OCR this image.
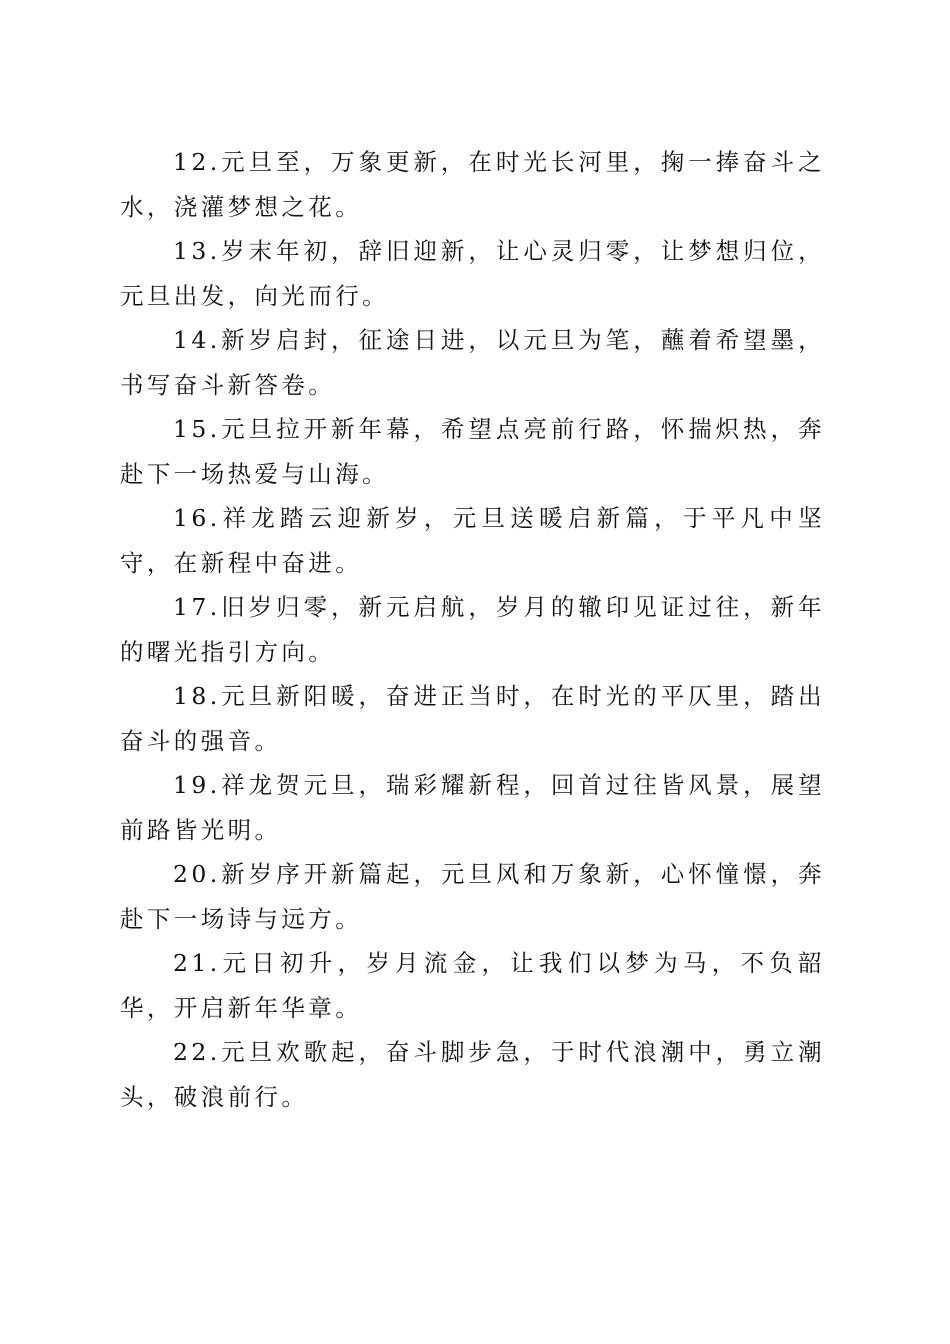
12.元旦至，万象更新，在时光长河里，掬一捧奋斗之水，浇灌梦想之花。

13.岁末年初，辞旧迎新，让心灵归零，让梦想归位，元旦出发，向光而行。

14.新岁启封，征途日进，以元旦为笔，蘸着希望墨，书写奋斗新答卷。

15.元旦拉开新年幕，希望点亮前行路，怀揣炽热，奔赴下一场热爱与山海。

16.祥龙踏云迎新岁，元旦送暖启新篇，于平凡中坚守，在新程中奋进。

17.旧岁归零，新元启航，岁月的辙印见证过往，新年的曙光指引方向。

18.元旦新阳暖，奋进正当时，在时光的平仄里，踏出奋斗的强音。

19.祥龙贺元旦，瑞彩耀新程，回首过往皆风景，展望前路皆光明。

20.新岁序开新篇起，元旦风和万象新，心怀憧憬，奔赴下一场诗与远方。

21.元日初升，岁月流金，让我们以梦为马，不负韶华，开启新年华章。

22.元旦欢歌起，奋斗脚步急，于时代浪潮中，勇立潮头，破浪前行。
